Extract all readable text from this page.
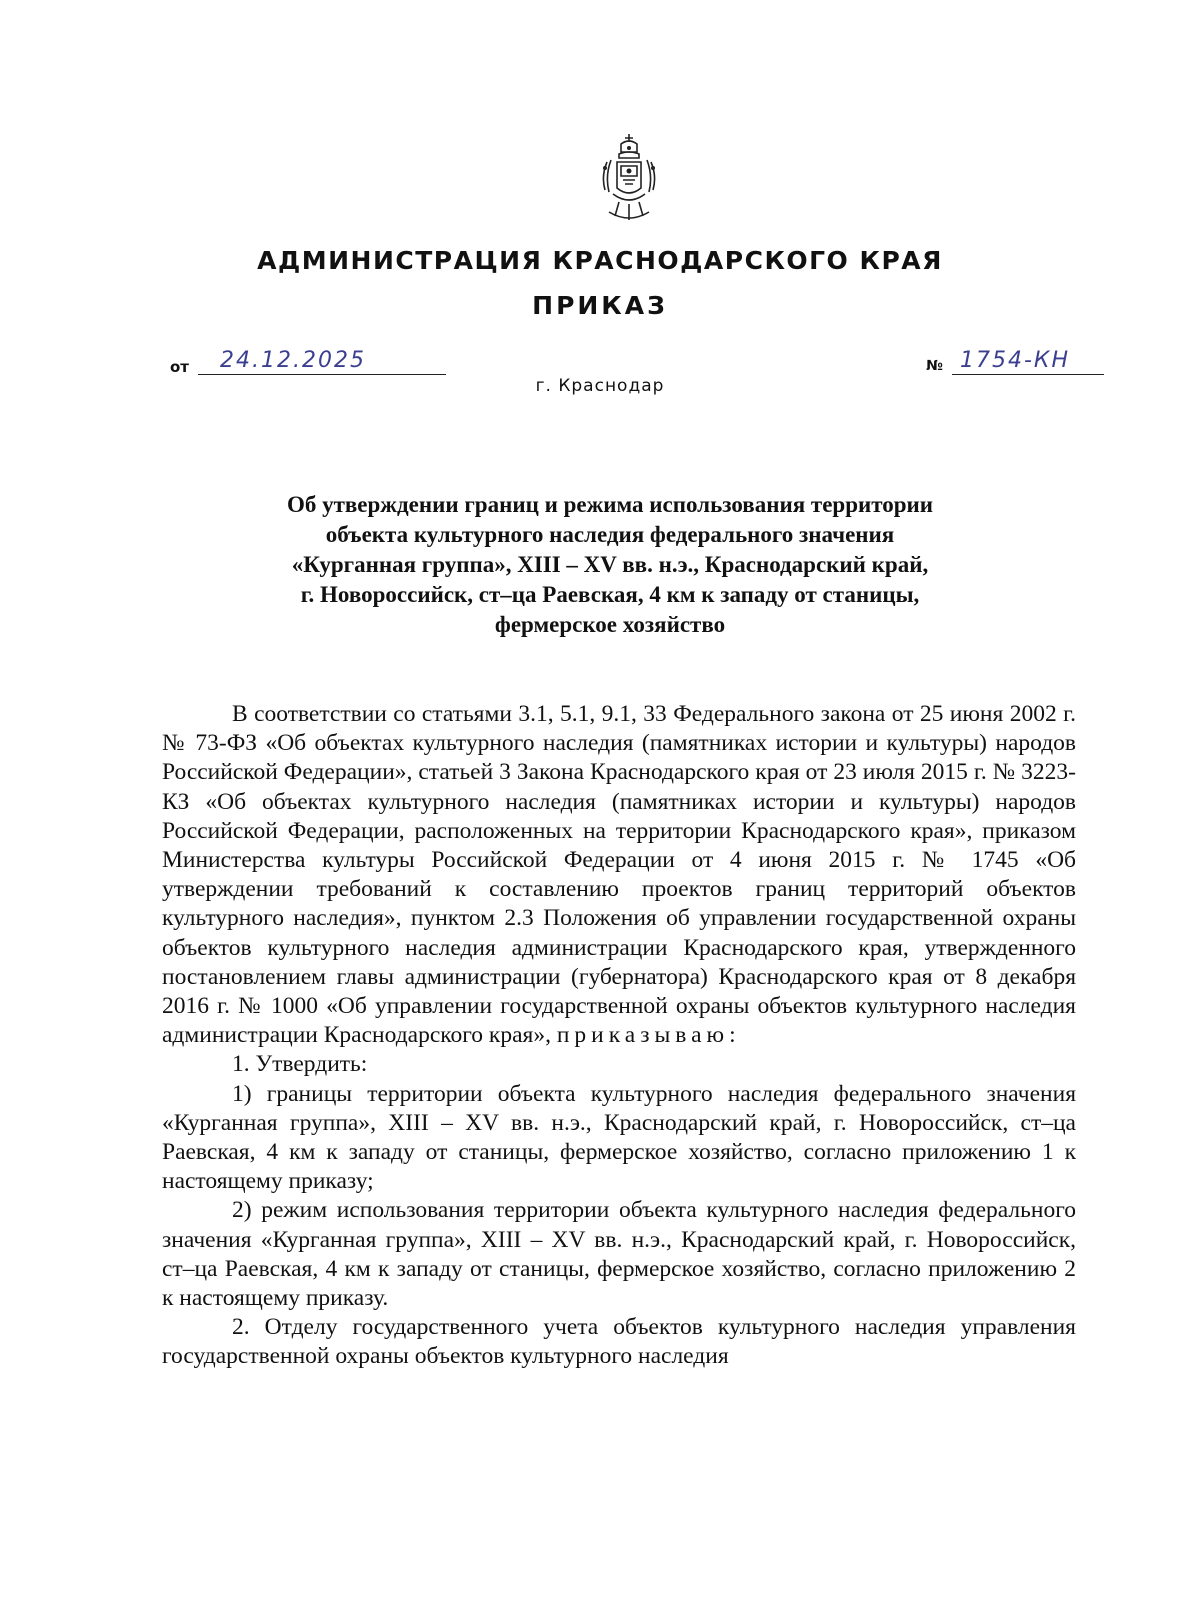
АДМИНИСТРАЦИЯ КРАСНОДАРСКОГО КРАЯ
ПРИКАЗ
от 24.12.2025	№ 1754-КН
г. Краснодар
Об утверждении границ и режима использования территории
объекта культурного наследия федерального значения
«Курганная группа», XIII – XV вв. н.э., Краснодарский край,
г. Новороссийск, ст–ца Раевская, 4 км к западу от станицы,
фермерское хозяйство

В соответствии со статьями 3.1, 5.1, 9.1, 33 Федерального закона от 25 июня 2002 г. № 73-ФЗ «Об объектах культурного наследия (памятниках истории и культуры) народов Российской Федерации», статьей 3 Закона Краснодарского края от 23 июля 2015 г. № 3223-КЗ «Об объектах культурного наследия (памятниках истории и культуры) народов Российской Федерации, расположенных на территории Краснодарского края», приказом Министерства культуры Российской Федерации от 4 июня 2015 г. № 1745 «Об утверждении требований к составлению проектов границ территорий объектов культурного наследия», пунктом 2.3 Положения об управлении государственной охраны объектов культурного наследия администрации Краснодарского края, утвержденного постановлением главы администрации (губернатора) Краснодарского края от 8 декабря 2016 г. № 1000 «Об управлении государственной охраны объектов культурного наследия администрации Краснодарского края», приказываю:

1. Утвердить:

1) границы территории объекта культурного наследия федерального значения «Курганная группа», XIII – XV вв. н.э., Краснодарский край, г. Новороссийск, ст–ца Раевская, 4 км к западу от станицы, фермерское хозяйство, согласно приложению 1 к настоящему приказу;

2) режим использования территории объекта культурного наследия федерального значения «Курганная группа», XIII – XV вв. н.э., Краснодарский край, г. Новороссийск, ст–ца Раевская, 4 км к западу от станицы, фермерское хозяйство, согласно приложению 2 к настоящему приказу.

2. Отделу государственного учета объектов культурного наследия управления государственной охраны объектов культурного наследия
